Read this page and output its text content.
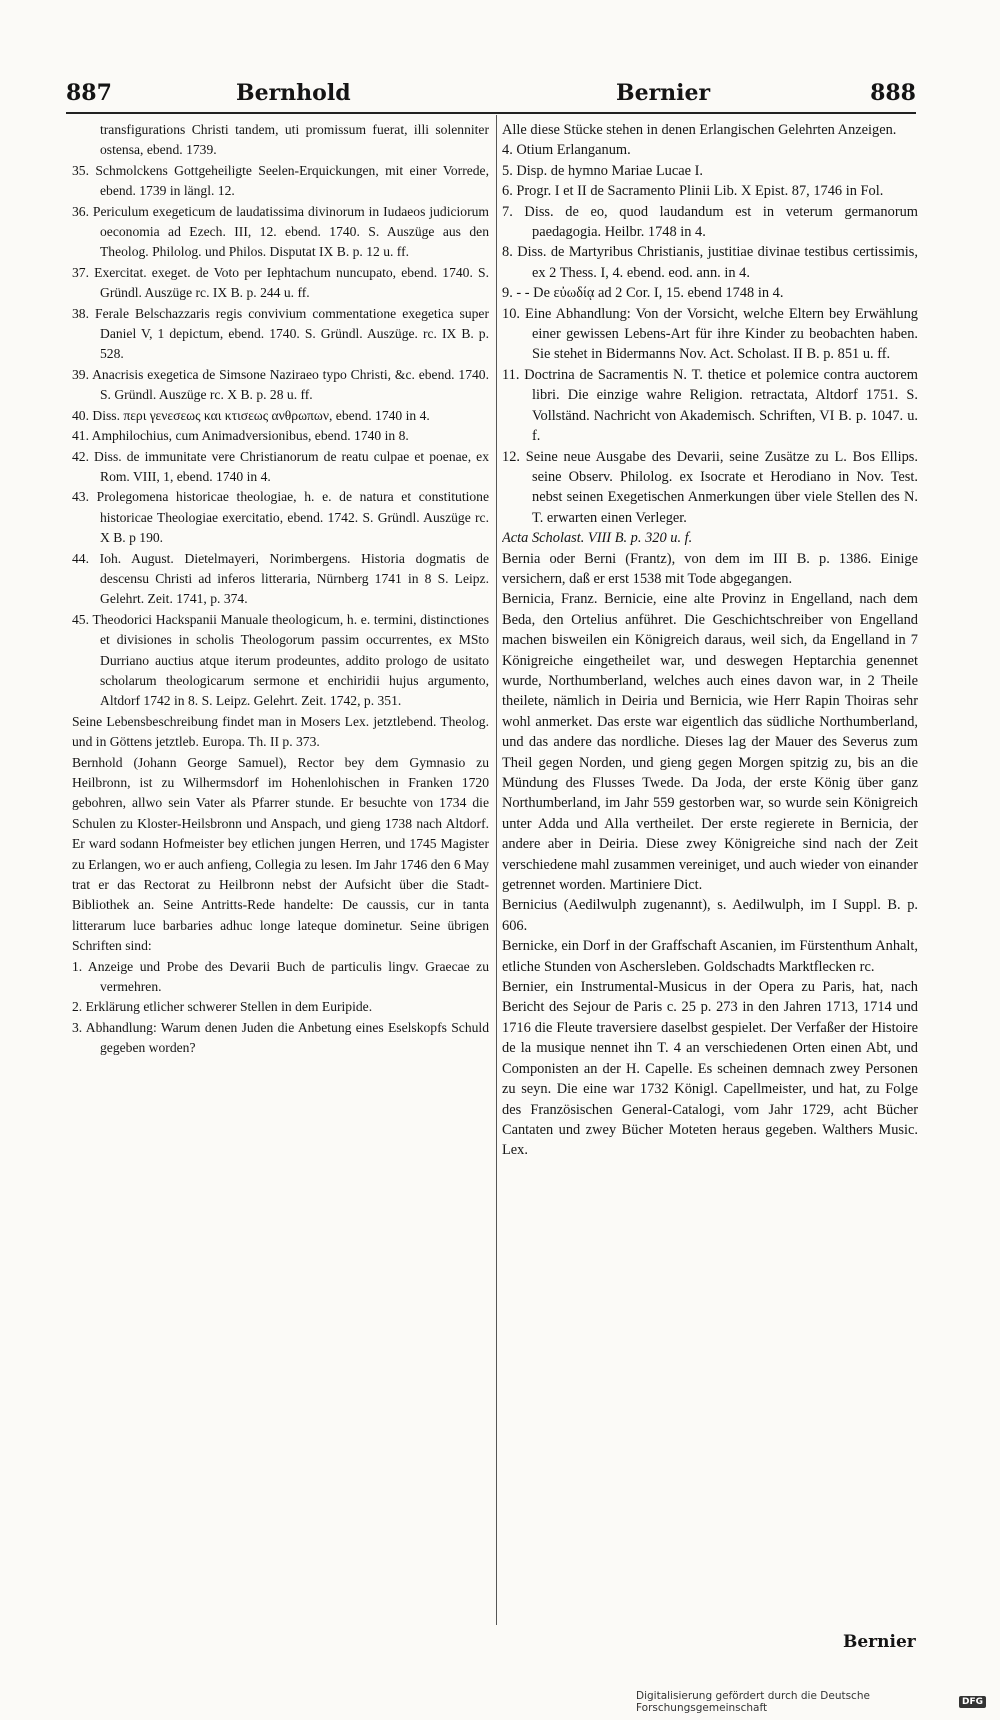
887	Bernhold	Bernier	888

transfigurations Christi tandem, uti promissum fuerat, illi solenniter ostensa, ebend. 1739.

35. Schmolckens Gottgeheiligte Seelen-Erquickungen, mit einer Vorrede, ebend. 1739 in längl. 12.

36. Periculum exegeticum de laudatissima divinorum in Iudaeos judiciorum oeconomia ad Ezech. III, 12. ebend. 1740. S. Auszüge aus den Theolog. Philolog. und Philos. Disputat IX B. p. 12 u. ff.

37. Exercitat. exeget. de Voto per Iephtachum nuncupato, ebend. 1740. S. Gründl. Auszüge rc. IX B. p. 244 u. ff.

38. Ferale Belschazzaris regis convivium commentatione exegetica super Daniel V, 1 depictum, ebend. 1740. S. Gründl. Auszüge. rc. IX B. p. 528.

39. Anacrisis exegetica de Simsone Naziraeo typo Christi, &c. ebend. 1740. S. Gründl. Auszüge rc. X B. p. 28 u. ff.

40. Diss. περι γενεσεως και κτισεως ανθρωπων, ebend. 1740 in 4.

41. Amphilochius, cum Animadversionibus, ebend. 1740 in 8.

42. Diss. de immunitate vere Christianorum de reatu culpae et poenae, ex Rom. VIII, 1, ebend. 1740 in 4.

43. Prolegomena historicae theologiae, h. e. de natura et constitutione historicae Theologiae exercitatio, ebend. 1742. S. Gründl. Auszüge rc. X B. p 190.

44. Ioh. August. Dietelmayeri, Norimbergens. Historia dogmatis de descensu Christi ad inferos litteraria, Nürnberg 1741 in 8 S. Leipz. Gelehrt. Zeit. 1741, p. 374.

45. Theodorici Hackspanii Manuale theologicum, h. e. termini, distinctiones et divisiones in scholis Theologorum passim occurrentes, ex MSto Durriano auctius atque iterum prodeuntes, addito prologo de usitato scholarum theologicarum sermone et enchiridii hujus argumento, Altdorf 1742 in 8. S. Leipz. Gelehrt. Zeit. 1742, p. 351.

Seine Lebensbeschreibung findet man in Mosers Lex. jetztlebend. Theolog. und in Göttens jetztleb. Europa. Th. II p. 373.

Bernhold (Johann George Samuel), Rector bey dem Gymnasio zu Heilbronn, ist zu Wilhermsdorf im Hohenlohischen in Franken 1720 gebohren, allwo sein Vater als Pfarrer stunde. Er besuchte von 1734 die Schulen zu Kloster-Heilsbronn und Anspach, und gieng 1738 nach Altdorf. Er ward sodann Hofmeister bey etlichen jungen Herren, und 1745 Magister zu Erlangen, wo er auch anfieng, Collegia zu lesen. Im Jahr 1746 den 6 May trat er das Rectorat zu Heilbronn nebst der Aufsicht über die Stadt-Bibliothek an. Seine Antritts-Rede handelte: De caussis, cur in tanta litterarum luce barbaries adhuc longe lateque dominetur. Seine übrigen Schriften sind:

1. Anzeige und Probe des Devarii Buch de particulis lingv. Graecae zu vermehren.

2. Erklärung etlicher schwerer Stellen in dem Euripide.

3. Abhandlung: Warum denen Juden die Anbetung eines Eselskopfs Schuld gegeben worden?

Alle diese Stücke stehen in denen Erlangischen Gelehrten Anzeigen.

4. Otium Erlanganum.

5. Disp. de hymno Mariae Lucae I.

6. Progr. I et II de Sacramento Plinii Lib. X Epist. 87, 1746 in Fol.

7. Diss. de eo, quod laudandum est in veterum germanorum paedagogia. Heilbr. 1748 in 4.

8. Diss. de Martyribus Christianis, justitiae divinae testibus certissimis, ex 2 Thess. I, 4. ebend. eod. ann. in 4.

9. - - De εὐωδίᾳ ad 2 Cor. I, 15. ebend 1748 in 4.

10. Eine Abhandlung: Von der Vorsicht, welche Eltern bey Erwählung einer gewissen Lebens-Art für ihre Kinder zu beobachten haben. Sie stehet in Bidermanns Nov. Act. Scholast. II B. p. 851 u. ff.

11. Doctrina de Sacramentis N. T. thetice et polemice contra auctorem libri. Die einzige wahre Religion. retractata, Altdorf 1751. S. Vollständ. Nachricht von Akademisch. Schriften, VI B. p. 1047. u. f.

12. Seine neue Ausgabe des Devarii, seine Zusätze zu L. Bos Ellips. seine Observ. Philolog. ex Isocrate et Herodiano in Nov. Test. nebst seinen Exegetischen Anmerkungen über viele Stellen des N. T. erwarten einen Verleger.

Acta Scholast. VIII B. p. 320 u. f.

Bernia oder Berni (Frantz), von dem im III B. p. 1386. Einige versichern, daß er erst 1538 mit Tode abgegangen.

Bernicia, Franz. Bernicie, eine alte Provinz in Engelland, nach dem Beda, den Ortelius anführet. Die Geschichtschreiber von Engelland machen bisweilen ein Königreich daraus, weil sich, da Engelland in 7 Königreiche eingetheilet war, und deswegen Heptarchia genennet wurde, Northumberland, welches auch eines davon war, in 2 Theile theilete, nämlich in Deiria und Bernicia, wie Herr Rapin Thoiras sehr wohl anmerket. Das erste war eigentlich das südliche Northumberland, und das andere das nordliche. Dieses lag der Mauer des Severus zum Theil gegen Norden, und gieng gegen Morgen spitzig zu, bis an die Mündung des Flusses Twede. Da Joda, der erste König über ganz Northumberland, im Jahr 559 gestorben war, so wurde sein Königreich unter Adda und Alla vertheilet. Der erste regierete in Bernicia, der andere aber in Deiria. Diese zwey Königreiche sind nach der Zeit verschiedene mahl zusammen vereiniget, und auch wieder von einander getrennet worden. Martiniere Dict.

Bernicius (Aedilwulph zugenannt), s. Aedilwulph, im I Suppl. B. p. 606.

Bernicke, ein Dorf in der Graffschaft Ascanien, im Fürstenthum Anhalt, etliche Stunden von Aschersleben. Goldschadts Marktflecken rc.

Bernier, ein Instrumental-Musicus in der Opera zu Paris, hat, nach Bericht des Sejour de Paris c. 25 p. 273 in den Jahren 1713, 1714 und 1716 die Fleute traversiere daselbst gespielet. Der Verfaßer der Histoire de la musique nennet ihn T. 4 an verschiedenen Orten einen Abt, und Componisten an der H. Capelle. Es scheinen demnach zwey Personen zu seyn. Die eine war 1732 Königl. Capellmeister, und hat, zu Folge des Französischen General-Catalogi, vom Jahr 1729, acht Bücher Cantaten und zwey Bücher Moteten heraus gegeben. Walthers Music. Lex.

Bernier
Digitalisierung gefördert durch die Deutsche Forschungsgemeinschaft	DFG
